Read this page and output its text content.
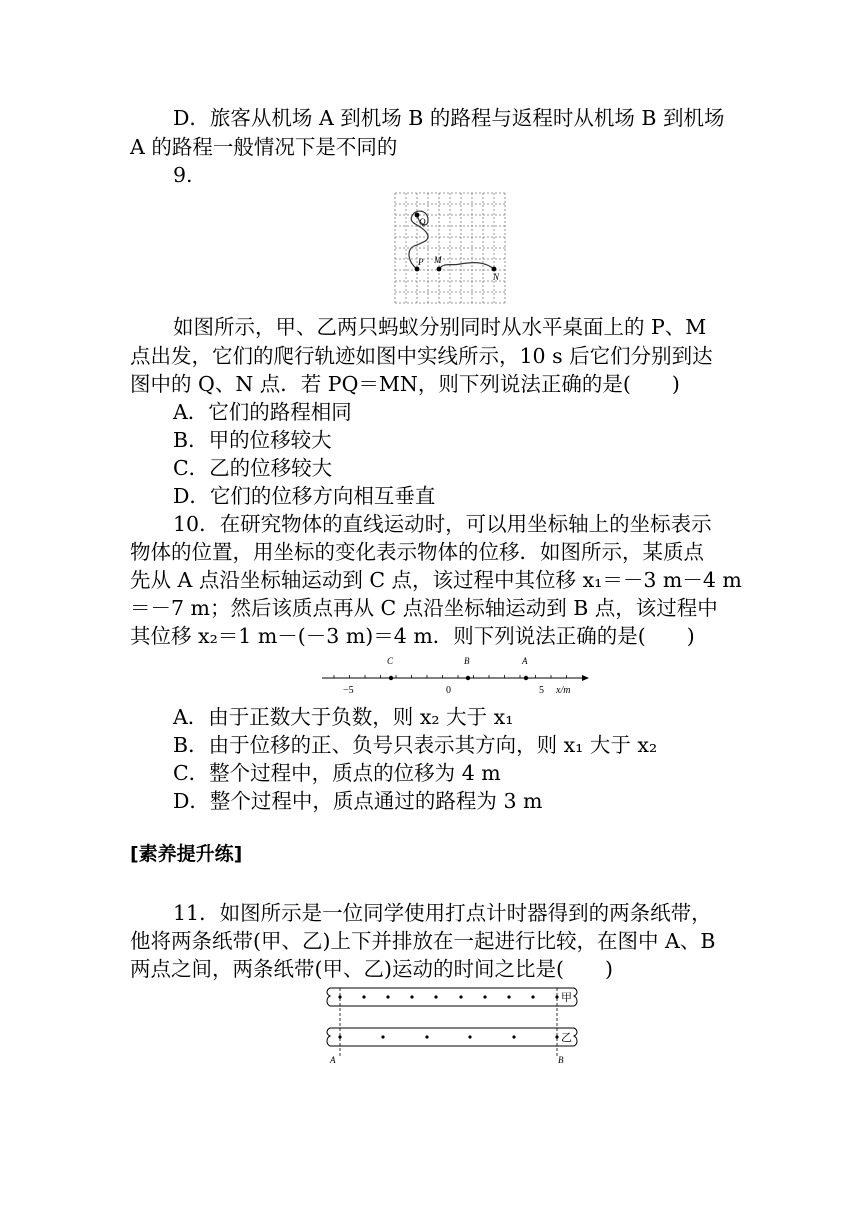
D．旅客从机场 A 到机场 B 的路程与返程时从机场 B 到机场
A 的路程一般情况下是不同的
9.
Q
P M
N
如图所示，甲、乙两只蚂蚁分别同时从水平桌面上的 P、M
点出发，它们的爬行轨迹如图中实线所示，10 s 后它们分别到达
图中的 Q、N 点．若 PQ＝MN，则下列说法正确的是(　　)
A．它们的路程相同
B．甲的位移较大
C．乙的位移较大
D．它们的位移方向相互垂直
10．在研究物体的直线运动时，可以用坐标轴上的坐标表示
物体的位置，用坐标的变化表示物体的位移．如图所示，某质点
先从 A 点沿坐标轴运动到 C 点，该过程中其位移 x₁＝－3 m－4 m
＝－7 m；然后该质点再从 C 点沿坐标轴运动到 B 点，该过程中
其位移 x₂＝1 m－(－3 m)＝4 m．则下列说法正确的是(　　)
C	B	A
−5	0	5 x/m
A．由于正数大于负数，则 x₂ 大于 x₁
B．由于位移的正、负号只表示其方向，则 x₁ 大于 x₂
C．整个过程中，质点的位移为 4 m
D．整个过程中，质点通过的路程为 3 m
[素养提升练]
11．如图所示是一位同学使用打点计时器得到的两条纸带，
他将两条纸带(甲、乙)上下并排放在一起进行比较，在图中 A、B
两点之间，两条纸带(甲、乙)运动的时间之比是(　　)
甲
乙
A	B
